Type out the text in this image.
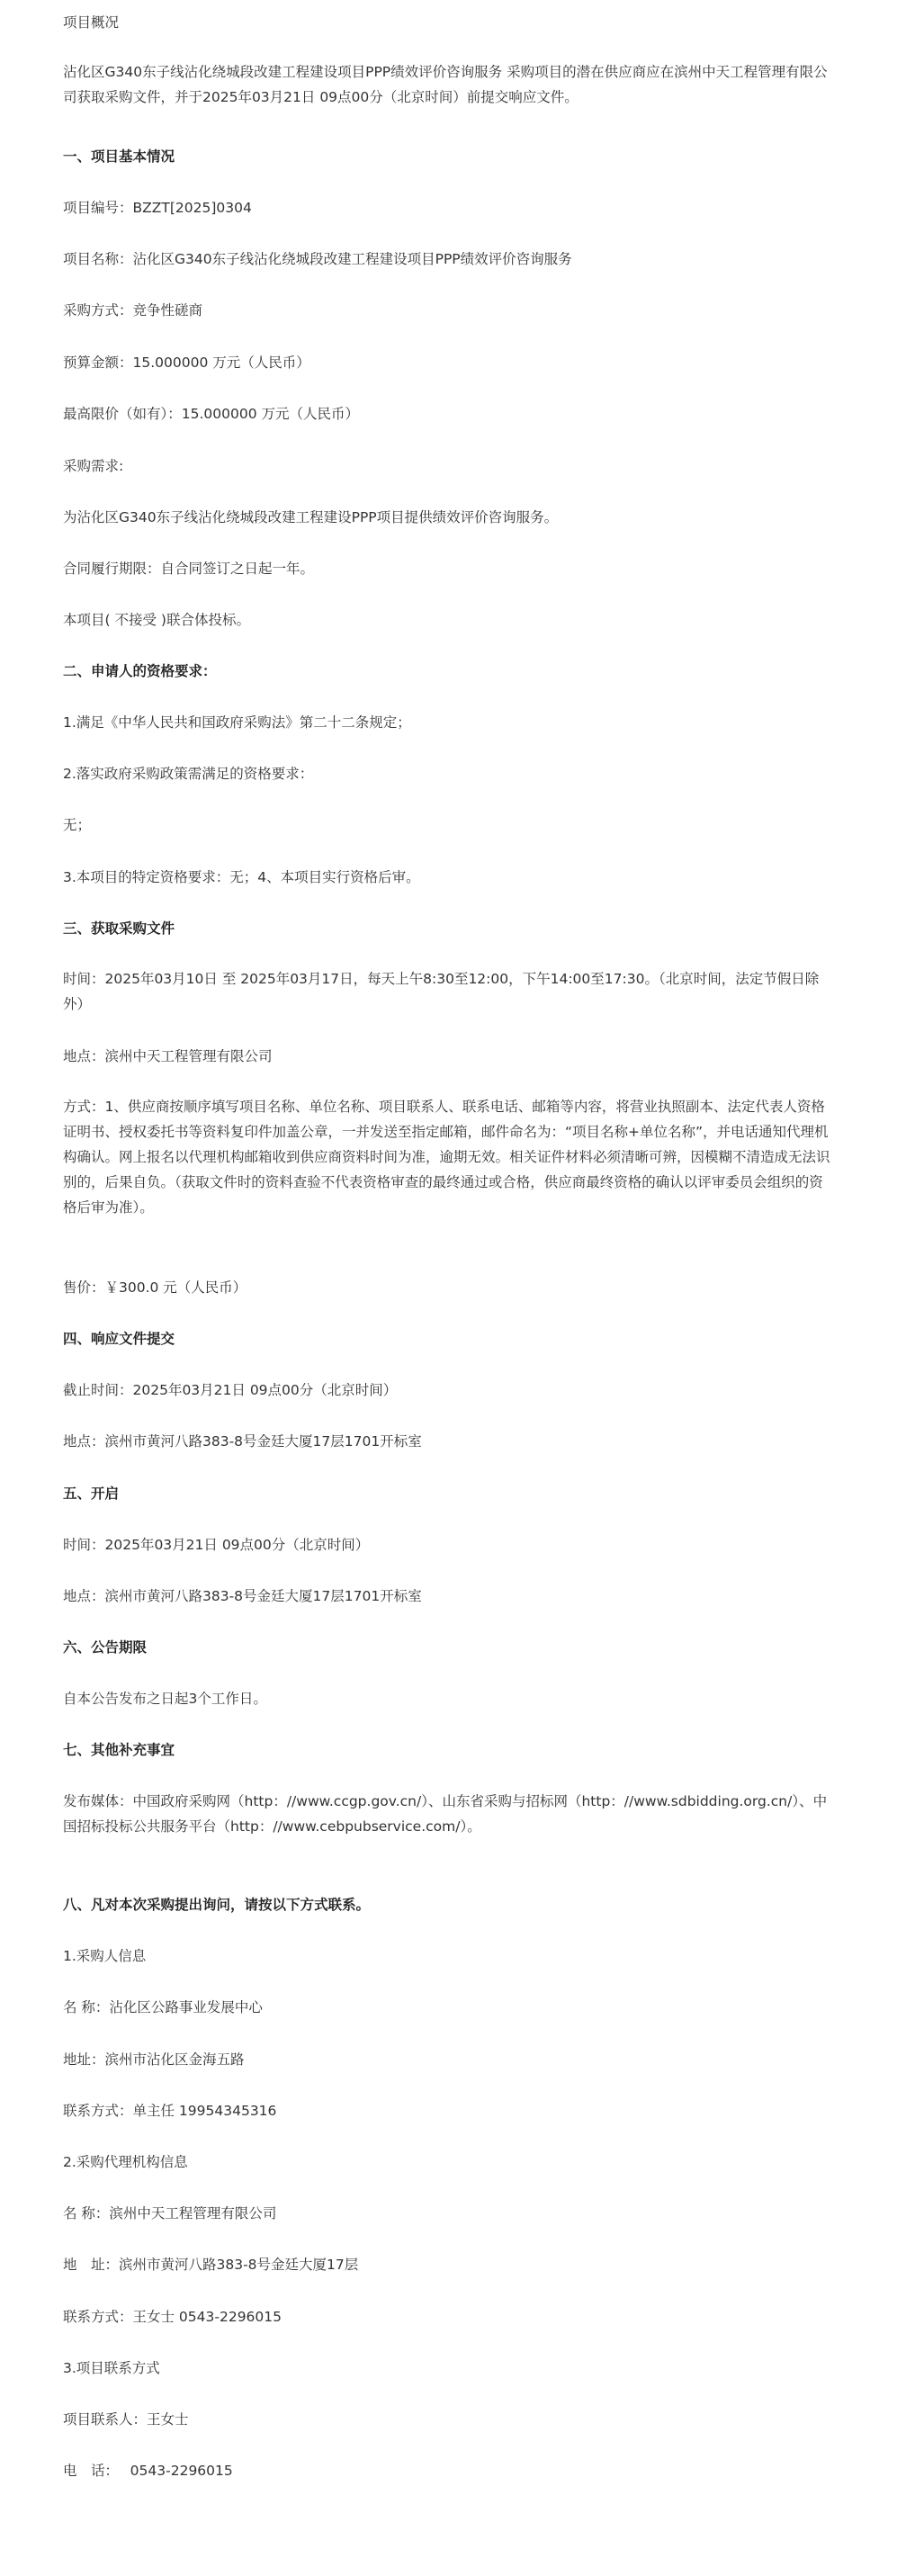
项目概况
沾化区G340东子线沾化绕城段改建工程建设项目PPP绩效评价咨询服务 采购项目的潜在供应商应在滨州中天工程管理有限公司获取采购文件，并于2025年03月21日 09点00分（北京时间）前提交响应文件。
一、项目基本情况
项目编号：BZZT[2025]0304
项目名称：沾化区G340东子线沾化绕城段改建工程建设项目PPP绩效评价咨询服务
采购方式：竞争性磋商
预算金额：15.000000 万元（人民币）
最高限价（如有）：15.000000 万元（人民币）
采购需求:
为沾化区G340东子线沾化绕城段改建工程建设PPP项目提供绩效评价咨询服务。
合同履行期限：自合同签订之日起一年。
本项目( 不接受 )联合体投标。
二、申请人的资格要求：
1.满足《中华人民共和国政府采购法》第二十二条规定；
2.落实政府采购政策需满足的资格要求：
无；
3.本项目的特定资格要求：无；4、本项目实行资格后审。
三、获取采购文件
时间：2025年03月10日 至 2025年03月17日，每天上午8:30至12:00，下午14:00至17:30。（北京时间，法定节假日除外）
地点：滨州中天工程管理有限公司
方式：1、供应商按顺序填写项目名称、单位名称、项目联系人、联系电话、邮箱等内容，将营业执照副本、法定代表人资格证明书、授权委托书等资料复印件加盖公章，一并发送至指定邮箱，邮件命名为：“项目名称+单位名称”，并电话通知代理机构确认。网上报名以代理机构邮箱收到供应商资料时间为准，逾期无效。相关证件材料必须清晰可辨，因模糊不清造成无法识别的，后果自负。（获取文件时的资料查验不代表资格审查的最终通过或合格，供应商最终资格的确认以评审委员会组织的资格后审为准）。
售价：￥300.0 元（人民币）
四、响应文件提交
截止时间：2025年03月21日 09点00分（北京时间）
地点：滨州市黄河八路383-8号金廷大厦17层1701开标室
五、开启
时间：2025年03月21日 09点00分（北京时间）
地点：滨州市黄河八路383-8号金廷大厦17层1701开标室
六、公告期限
自本公告发布之日起3个工作日。
七、其他补充事宜
发布媒体：中国政府采购网（http：//www.ccgp.gov.cn/）、山东省采购与招标网（http：//www.sdbidding.org.cn/）、中国招标投标公共服务平台（http：//www.cebpubservice.com/）。
八、凡对本次采购提出询问，请按以下方式联系。
1.采购人信息
名 称：沾化区公路事业发展中心
地址：滨州市沾化区金海五路
联系方式：单主任 19954345316
2.采购代理机构信息
名 称：滨州中天工程管理有限公司
地　址：滨州市黄河八路383-8号金廷大厦17层
联系方式：王女士 0543-2296015
3.项目联系方式
项目联系人：王女士
电　话：　 0543-2296015
